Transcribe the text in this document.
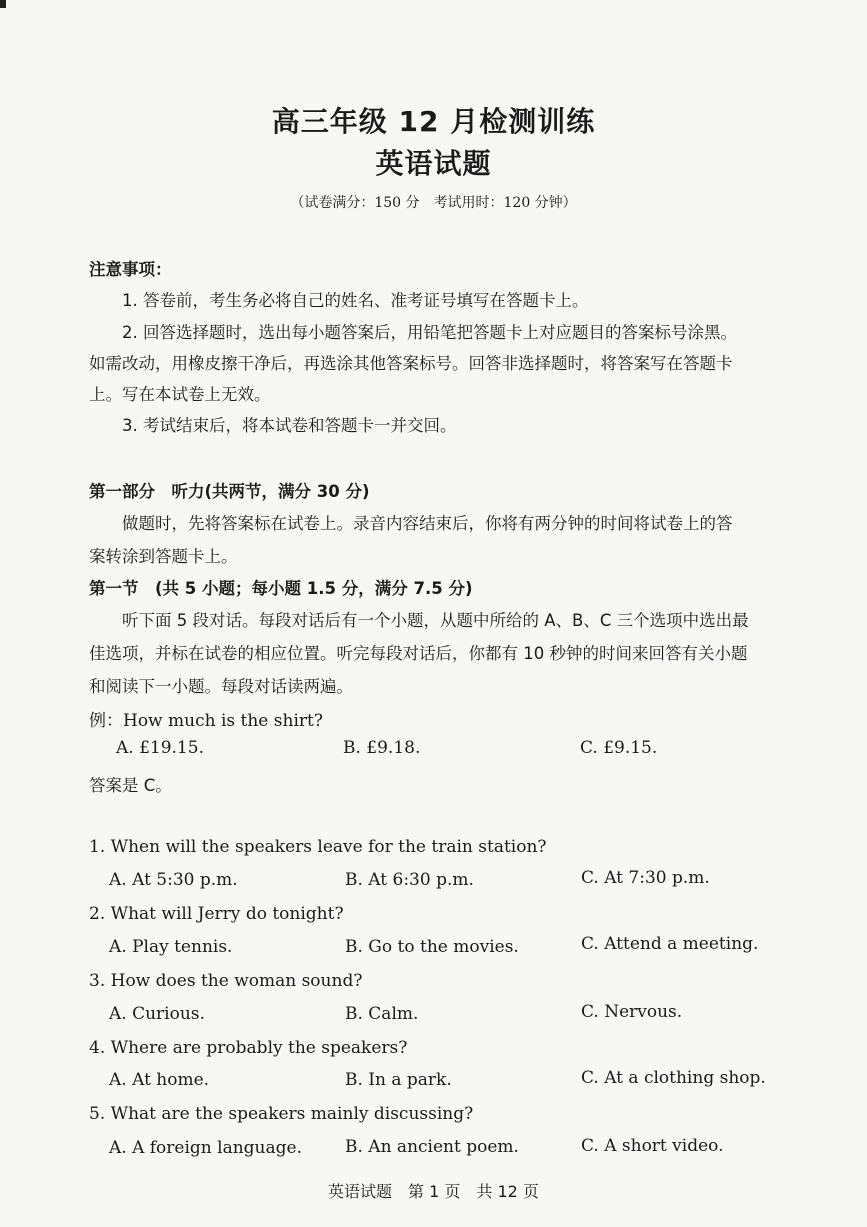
高三年级 12 月检测训练
英语试题
（试卷满分：150 分　考试用时：120 分钟）
注意事项：
1. 答卷前，考生务必将自己的姓名、准考证号填写在答题卡上。
2. 回答选择题时，选出每小题答案后，用铅笔把答题卡上对应题目的答案标号涂黑。
如需改动，用橡皮擦干净后，再选涂其他答案标号。回答非选择题时，将答案写在答题卡
上。写在本试卷上无效。
3. 考试结束后，将本试卷和答题卡一并交回。
第一部分　听力(共两节，满分 30 分)
做题时，先将答案标在试卷上。录音内容结束后，你将有两分钟的时间将试卷上的答
案转涂到答题卡上。
第一节　(共 5 小题；每小题 1.5 分，满分 7.5 分)
听下面 5 段对话。每段对话后有一个小题，从题中所给的 A、B、C 三个选项中选出最
佳选项，并标在试卷的相应位置。听完每段对话后，你都有 10 秒钟的时间来回答有关小题
和阅读下一小题。每段对话读两遍。
例：How much is the shirt?
A. £19.15.	B. £9.18.	C. £9.15.
答案是 C。
1. When will the speakers leave for the train station?
A. At 5:30 p.m.	B. At 6:30 p.m.	C. At 7:30 p.m.
2. What will Jerry do tonight?
A. Play tennis.	B. Go to the movies.	C. Attend a meeting.
3. How does the woman sound?
A. Curious.	B. Calm.	C. Nervous.
4. Where are probably the speakers?
A. At home.	B. In a park.	C. At a clothing shop.
5. What are the speakers mainly discussing?
A. A foreign language.	B. An ancient poem.	C. A short video.
英语试题　第 1 页　共 12 页
